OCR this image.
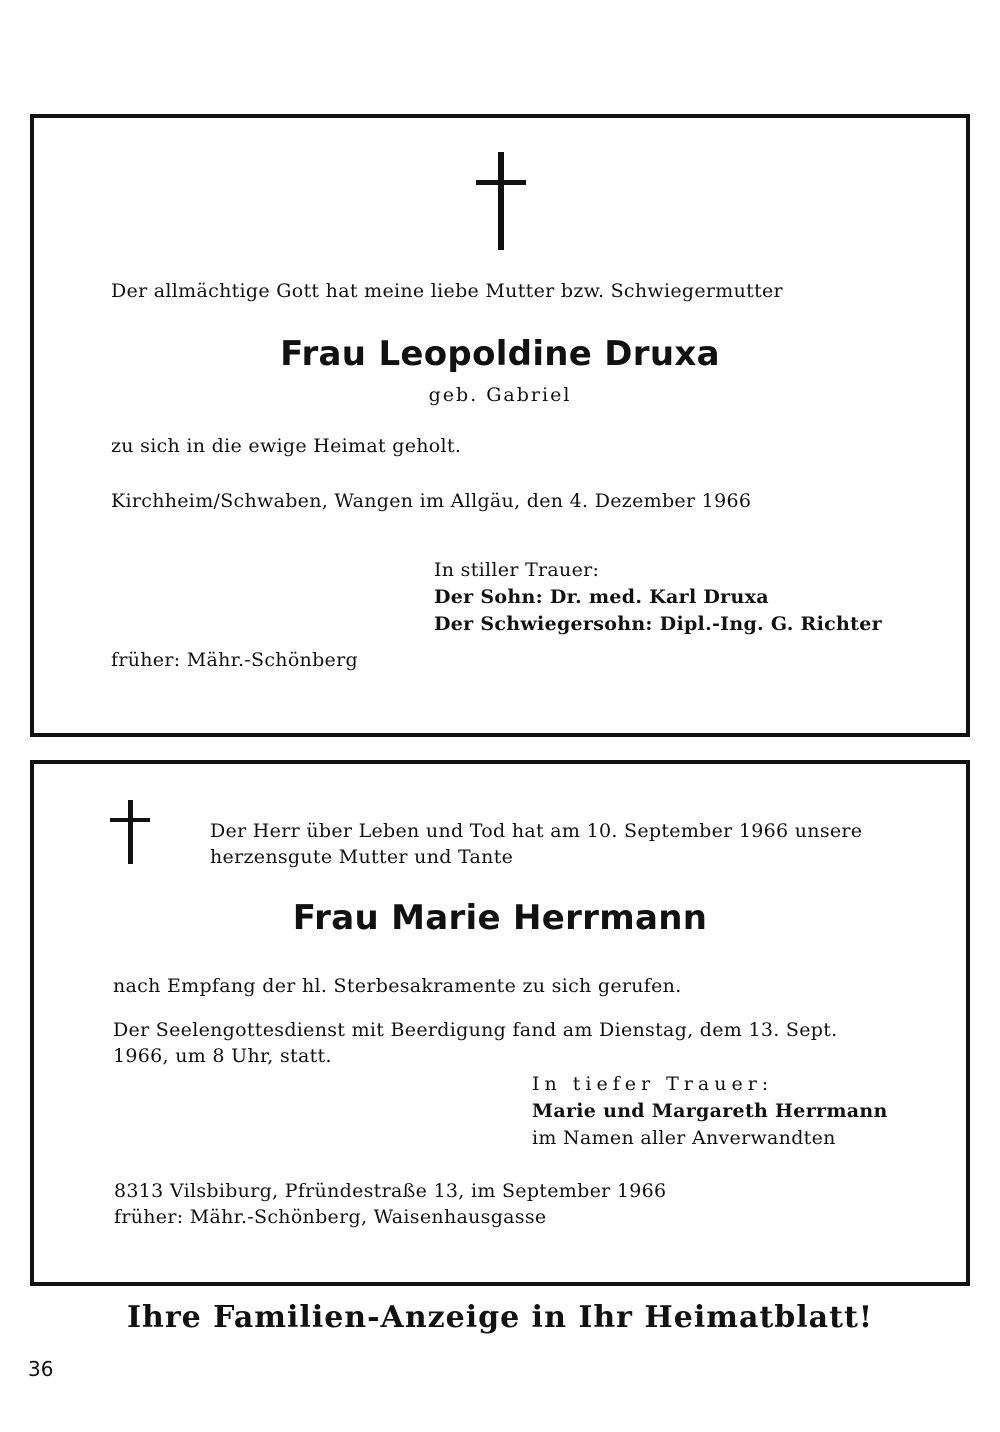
Der allmächtige Gott hat meine liebe Mutter bzw. Schwiegermutter
Frau Leopoldine Druxa
geb. Gabriel
zu sich in die ewige Heimat geholt.
Kirchheim/Schwaben, Wangen im Allgäu, den 4. Dezember 1966
In stiller Trauer:
Der Sohn: Dr. med. Karl Druxa
Der Schwiegersohn: Dipl.-Ing. G. Richter
früher: Mähr.-Schönberg
Der Herr über Leben und Tod hat am 10. September 1966 unsere
herzensgute Mutter und Tante
Frau Marie Herrmann
nach Empfang der hl. Sterbesakramente zu sich gerufen.
Der Seelengottesdienst mit Beerdigung fand am Dienstag, dem 13. Sept.
1966, um 8 Uhr, statt.
In tiefer Trauer:
Marie und Margareth Herrmann
im Namen aller Anverwandten
8313 Vilsbiburg, Pfründestraße 13, im September 1966
früher: Mähr.-Schönberg, Waisenhausgasse
Ihre Familien-Anzeige in Ihr Heimatblatt!
36
